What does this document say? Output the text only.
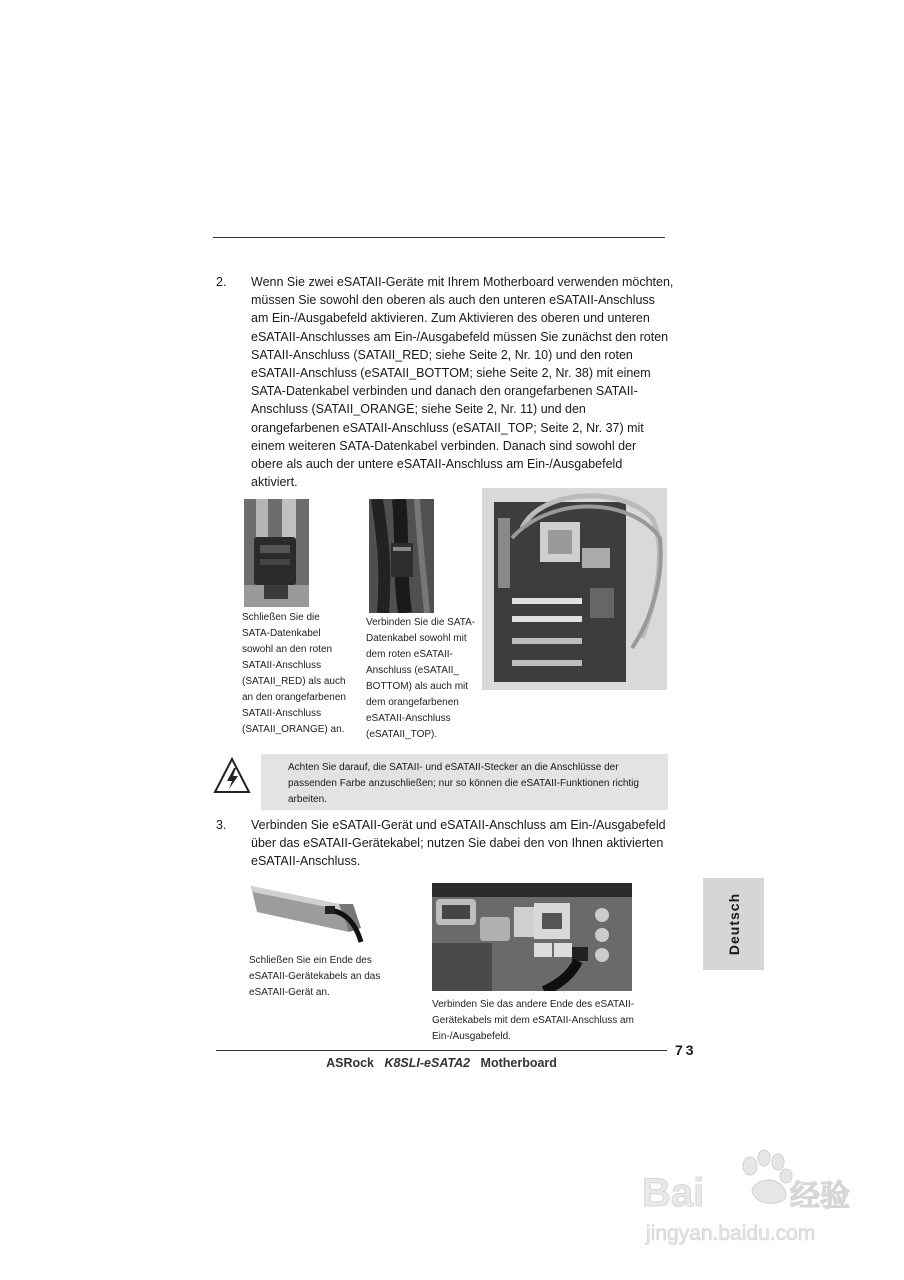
2. Wenn Sie zwei eSATAII-Geräte mit Ihrem Motherboard verwenden möchten,
müssen Sie sowohl den oberen als auch den unteren eSATAII-Anschluss
am Ein-/Ausgabefeld aktivieren. Zum Aktivieren des oberen und unteren
eSATAII-Anschlusses am Ein-/Ausgabefeld müssen Sie zunächst den roten
SATAII-Anschluss (SATAII_RED; siehe Seite 2, Nr. 10) und den roten
eSATAII-Anschluss (eSATAII_BOTTOM; siehe Seite 2, Nr. 38) mit einem
SATA-Datenkabel verbinden und danach den orangefarbenen SATAII-
Anschluss (SATAII_ORANGE; siehe Seite 2, Nr. 11) und den
orangefarbenen eSATAII-Anschluss (eSATAII_TOP; Seite 2, Nr. 37) mit
einem weiteren SATA-Datenkabel verbinden. Danach sind sowohl der
obere als auch der untere eSATAII-Anschluss am Ein-/Ausgabefeld
aktiviert.
Schließen Sie die
SATA-Datenkabel
sowohl an den roten
SATAII-Anschluss
(SATAII_RED) als auch
an den orangefarbenen
SATAII-Anschluss
(SATAII_ORANGE) an.
Verbinden Sie die SATA-
Datenkabel sowohl mit
dem roten eSATAII-
Anschluss (eSATAII_
BOTTOM) als auch mit
dem orangefarbenen
eSATAII-Anschluss
(eSATAII_TOP).
Achten Sie darauf, die SATAII- und eSATAII-Stecker an die Anschlüsse der
passenden Farbe anzuschließen; nur so können die eSATAII-Funktionen richtig
arbeiten.
3. Verbinden Sie eSATAII-Gerät und eSATAII-Anschluss am Ein-/Ausgabefeld
über das eSATAII-Gerätekabel; nutzen Sie dabei den von Ihnen aktivierten
eSATAII-Anschluss.
Schließen Sie ein Ende des
eSATAII-Gerätekabels an das
eSATAII-Gerät an.
Verbinden Sie das andere Ende des eSATAII-
Gerätekabels mit dem eSATAII-Anschluss am
Ein-/Ausgabefeld.
Deutsch
73
ASRock K8SLI-eSATA2 Motherboard
Bai	经验
jingyan.baidu.com
